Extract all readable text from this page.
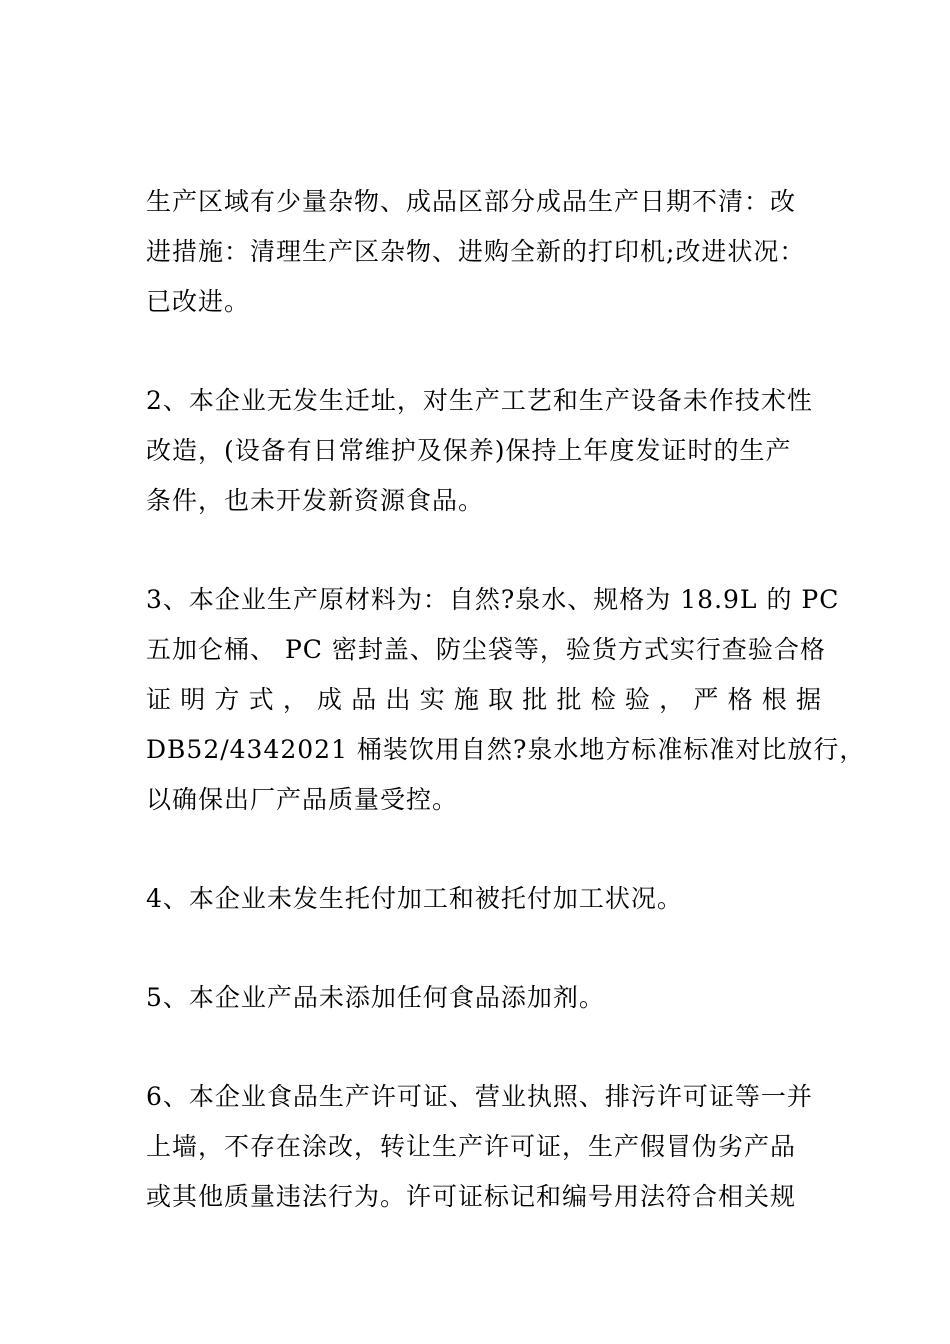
生产区域有少量杂物、成品区部分成品生产日期不清：改
进措施：清理生产区杂物、进购全新的打印机;改进状况：
已改进。
2、本企业无发生迁址，对生产工艺和生产设备未作技术性
改造，(设备有日常维护及保养)保持上年度发证时的生产
条件，也未开发新资源食品。
3、本企业生产原材料为：自然?泉水、规格为 18.9L 的 PC
五加仑桶、 PC 密封盖、防尘袋等，验货方式实行查验合格
证明方式，成品出实施取批批检验，严格根据
DB52/4342021 桶装饮用自然?泉水地方标准标准对比放行，
以确保出厂产品质量受控。
4、本企业未发生托付加工和被托付加工状况。
5、本企业产品未添加任何食品添加剂。
6、本企业食品生产许可证、营业执照、排污许可证等一并
上墙，不存在涂改，转让生产许可证，生产假冒伪劣产品
或其他质量违法行为。许可证标记和编号用法符合相关规
